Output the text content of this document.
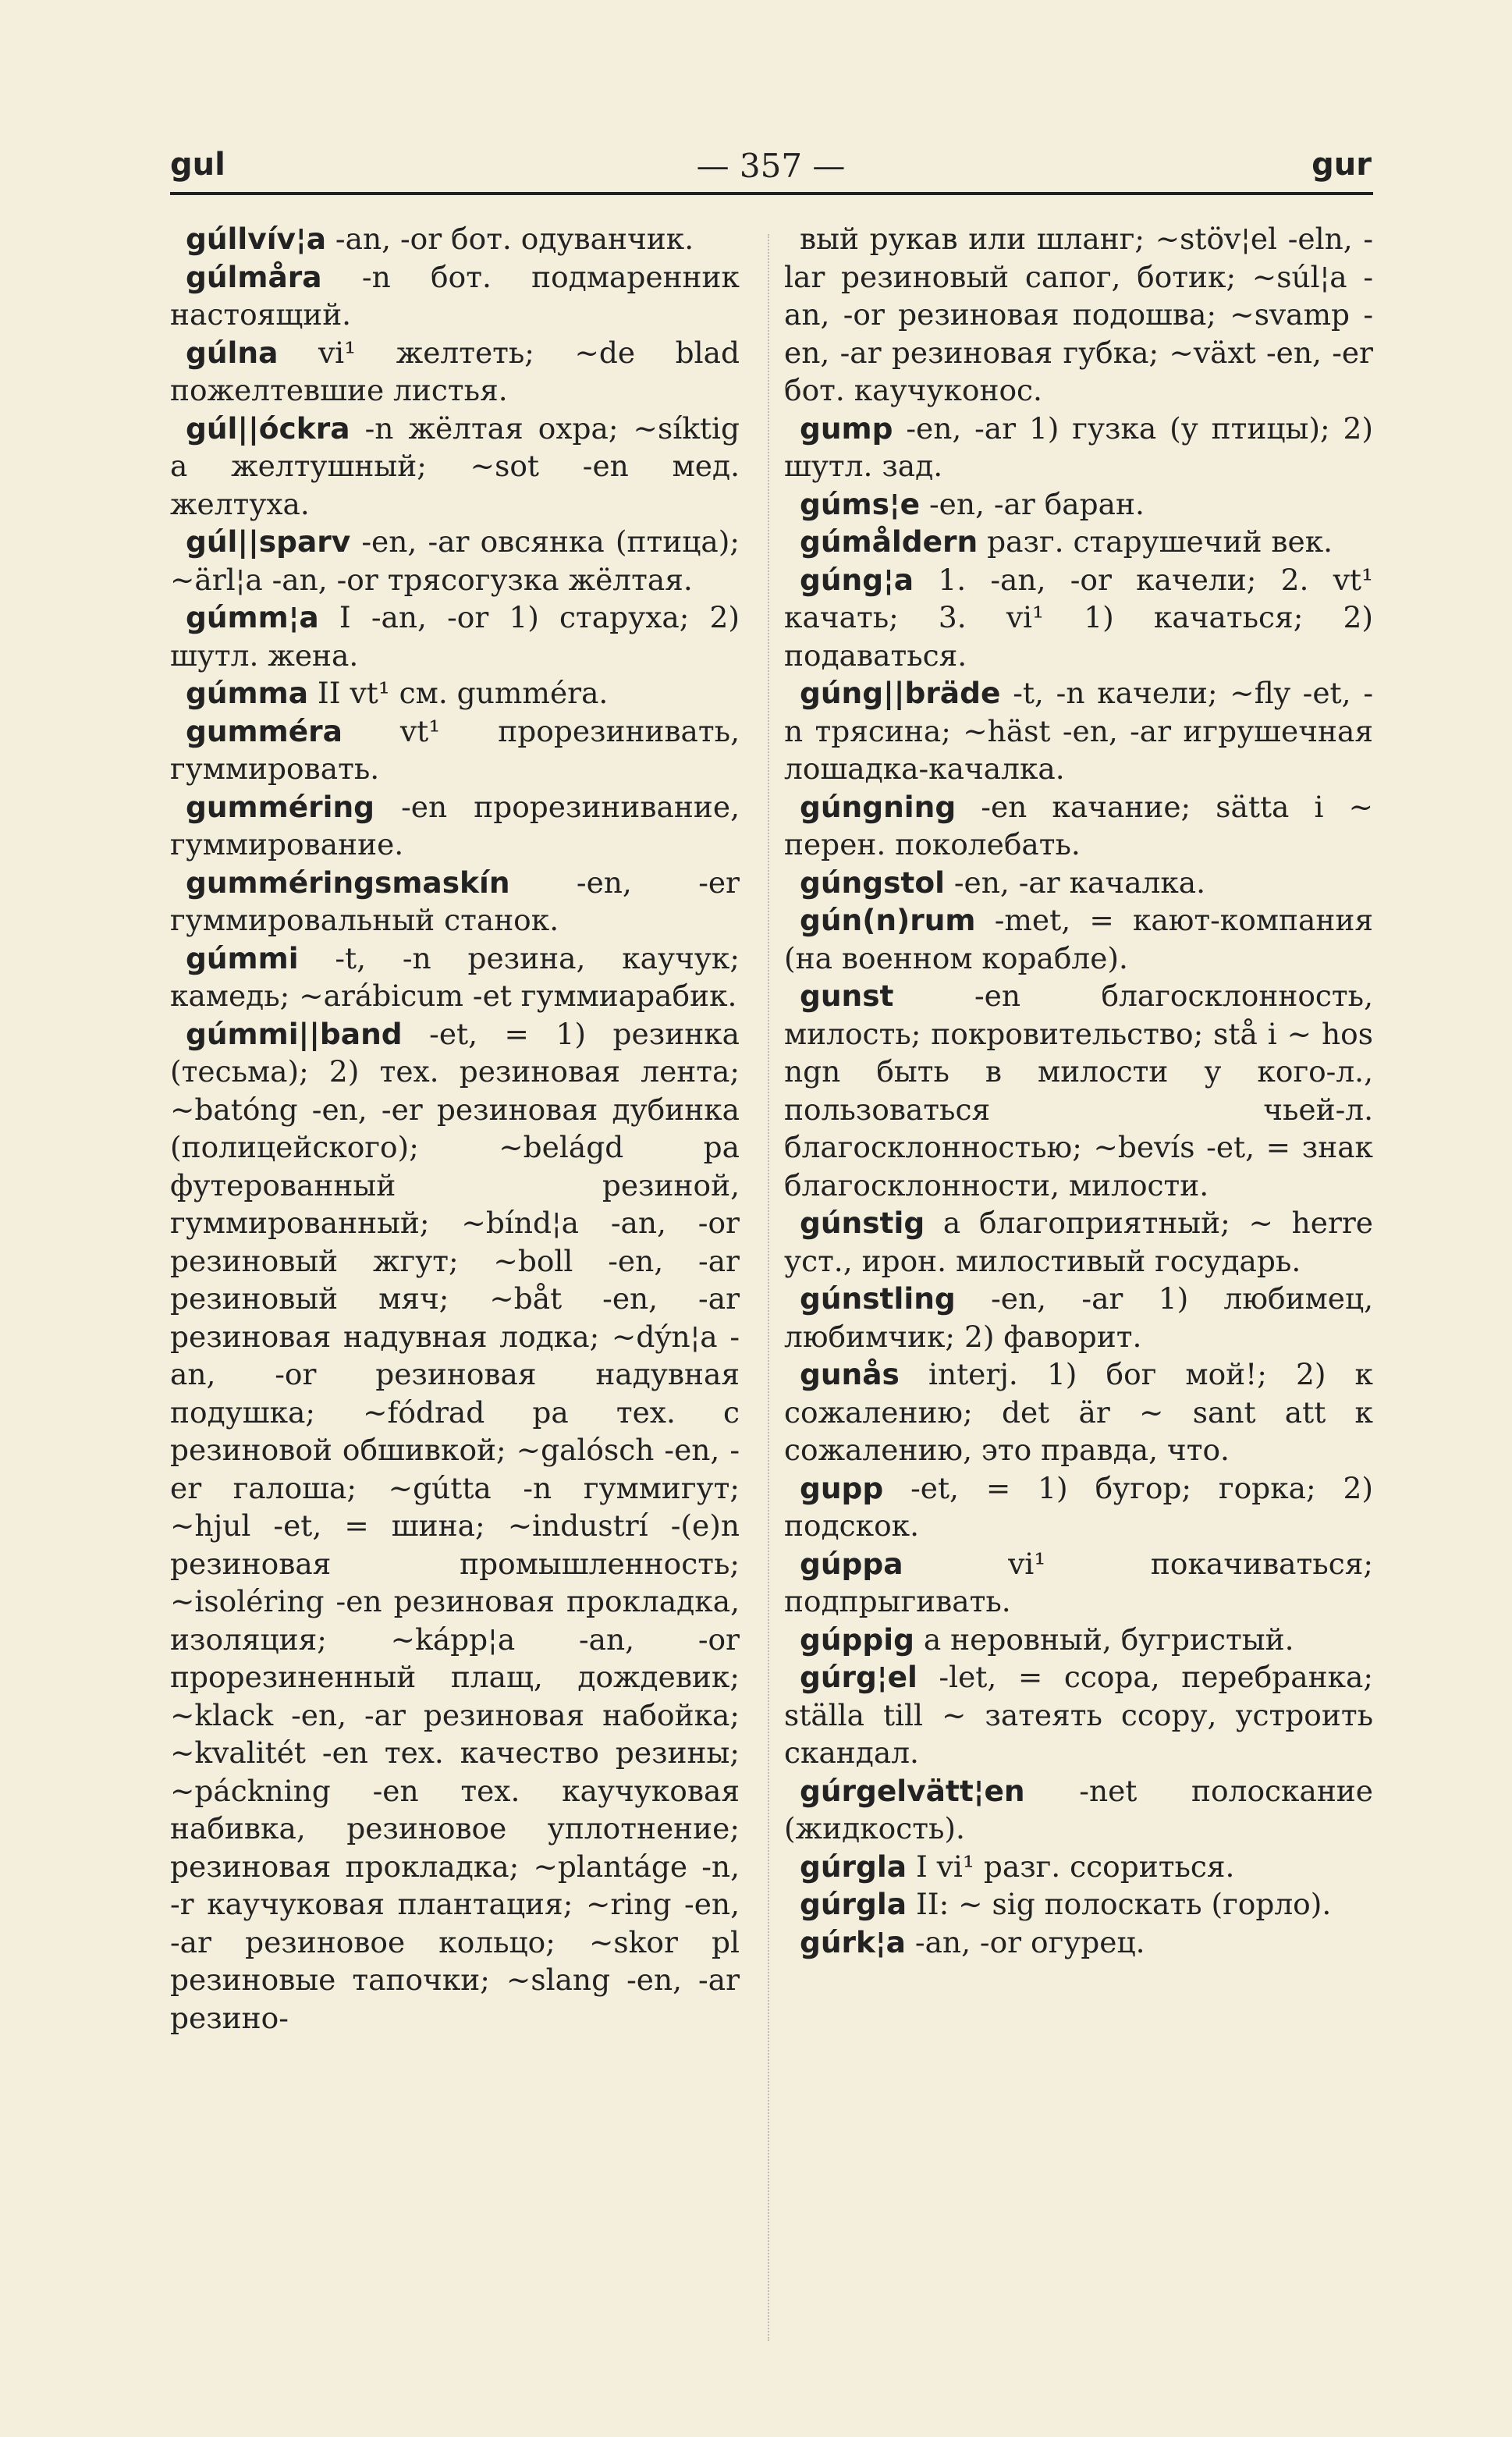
gul	— 357 —	gur

gúllvív¦a -an, -or бот. одуванчик.

gúlmåra -n бот. подмаренник настоящий.

gúlna vi¹ желтеть; ~de blad пожелтевшие листья.

gúl||óckra -n жёлтая охра; ~síktig a желтушный; ~sot -en мед. желтуха.

gúl||sparv -en, -ar овсянка (птица); ~ärl¦a -an, -or трясогузка жёлтая.

gúmm¦a I -an, -or 1) старуха; 2) шутл. жена.

gúmma II vt¹ см. gumméra.

gumméra vt¹ прорезинивать, гуммировать.

gumméring -en прорезинивание, гуммирование.

gumméringsmaskín -en, -er гуммировальный станок.

gúmmi -t, -n резина, каучук; камедь; ~arábicum -et гуммиарабик.

gúmmi||band -et, = 1) резинка (тесьма); 2) тех. резиновая лента; ~batóng -en, -er резиновая дубинка (полицейского); ~belágd pa футерованный резиной, гуммированный; ~bínd¦a -an, -or резиновый жгут; ~boll -en, -ar резиновый мяч; ~båt -en, -ar резиновая надувная лодка; ~dýn¦a -an, -or резиновая надувная подушка; ~fódrad pa тех. с резиновой обшивкой; ~galósch -en, -er галоша; ~gútta -n гуммигут; ~hjul -et, = шина; ~industrí -(e)n резиновая промышленность; ~isoléring -en резиновая прокладка, изоляция; ~kápp¦a -an, -or прорезиненный плащ, дождевик; ~klack -en, -ar резиновая набойка; ~kvalitét -en тех. качество резины; ~páckning -en тех. каучуковая набивка, резиновое уплотнение; резиновая прокладка; ~plantáge -n, -r каучуковая плантация; ~ring -en, -ar резиновое кольцо; ~skor pl резиновые тапочки; ~slang -en, -ar резино-

вый рукав или шланг; ~stöv¦el -eln, -lar резиновый сапог, ботик; ~súl¦a -an, -or резиновая подошва; ~svamp -en, -ar резиновая губка; ~växt -en, -er бот. каучуконос.

gump -en, -ar 1) гузка (у птицы); 2) шутл. зад.

gúms¦e -en, -ar баран.

gúmåldern разг. старушечий век.

gúng¦a 1. -an, -or качели; 2. vt¹ качать; 3. vi¹ 1) качаться; 2) подаваться.

gúng||bräde -t, -n качели; ~fly -et, -n трясина; ~häst -en, -ar игрушечная лошадка-качалка.

gúngning -en качание; sätta i ~ перен. поколебать.

gúngstol -en, -ar качалка.

gún(n)rum -met, = кают-компания (на военном корабле).

gunst -en благосклонность, милость; покровительство; stå i ~ hos ngn быть в милости у кого-л., пользоваться чьей-л. благосклонностью; ~bevís -et, = знак благосклонности, милости.

gúnstig a благоприятный; ~ herre уст., ирон. милостивый государь.

gúnstling -en, -ar 1) любимец, любимчик; 2) фаворит.

gunås interj. 1) бог мой!; 2) к сожалению; det är ~ sant att к сожалению, это правда, что.

gupp -et, = 1) бугор; горка; 2) подскок.

gúppa vi¹ покачиваться; подпрыгивать.

gúppig a неровный, бугристый.

gúrg¦el -let, = ссора, перебранка; ställa till ~ затеять ссору, устроить скандал.

gúrgelvätt¦en -net полоскание (жидкость).

gúrgla I vi¹ разг. ссориться.

gúrgla II: ~ sig полоскать (горло).

gúrk¦a -an, -or огурец.
